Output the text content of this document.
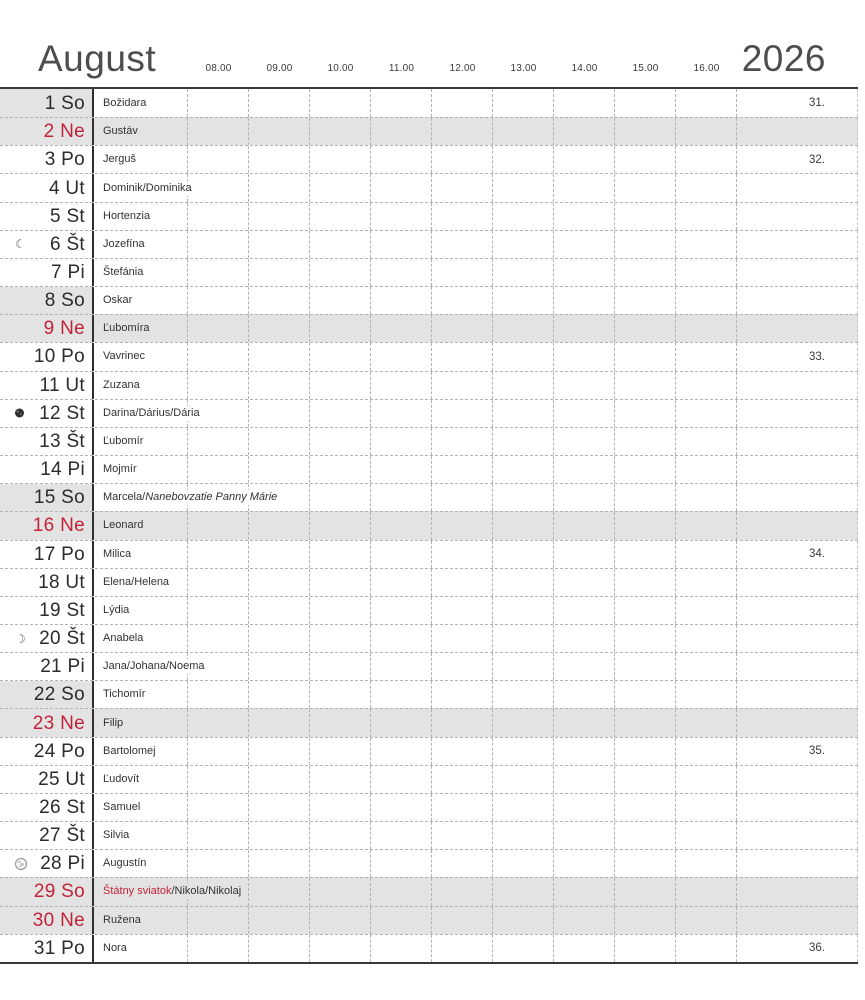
August	08.00	09.00	10.00	11.00	12.00	13.00	14.00	15.00	16.00 2026
1 So Božidara	31.
2 Ne Gustáv
3 Po Jerguš	32.
4 Ut Dominik/Dominika
5 St Hortenzia
☾ 6 Št Jozefína
7 Pi Štefánia
8 So Oskar
9 Ne Ľubomíra
10 Po Vavrinec	33.
11 Ut Zuzana
12 St Darina/Dárius/Dária
13 Št Ľubomír
14 Pi Mojmír
15 So Marcela/Nanebovzatie Panny Márie
16 Ne Leonard
17 Po Milica	34.
18 Ut Elena/Helena
19 St Lýdia
☽ 20 Št Anabela
21 Pi Jana/Johana/Noema
22 So Tichomír
23 Ne Filip
24 Po Bartolomej	35.
25 Ut Ľudovít
26 St Samuel
27 Št Silvia
28 Pi Augustín
29 So Štátny sviatok/Nikola/Nikolaj
30 Ne Ružena
31 Po Nora	36.
